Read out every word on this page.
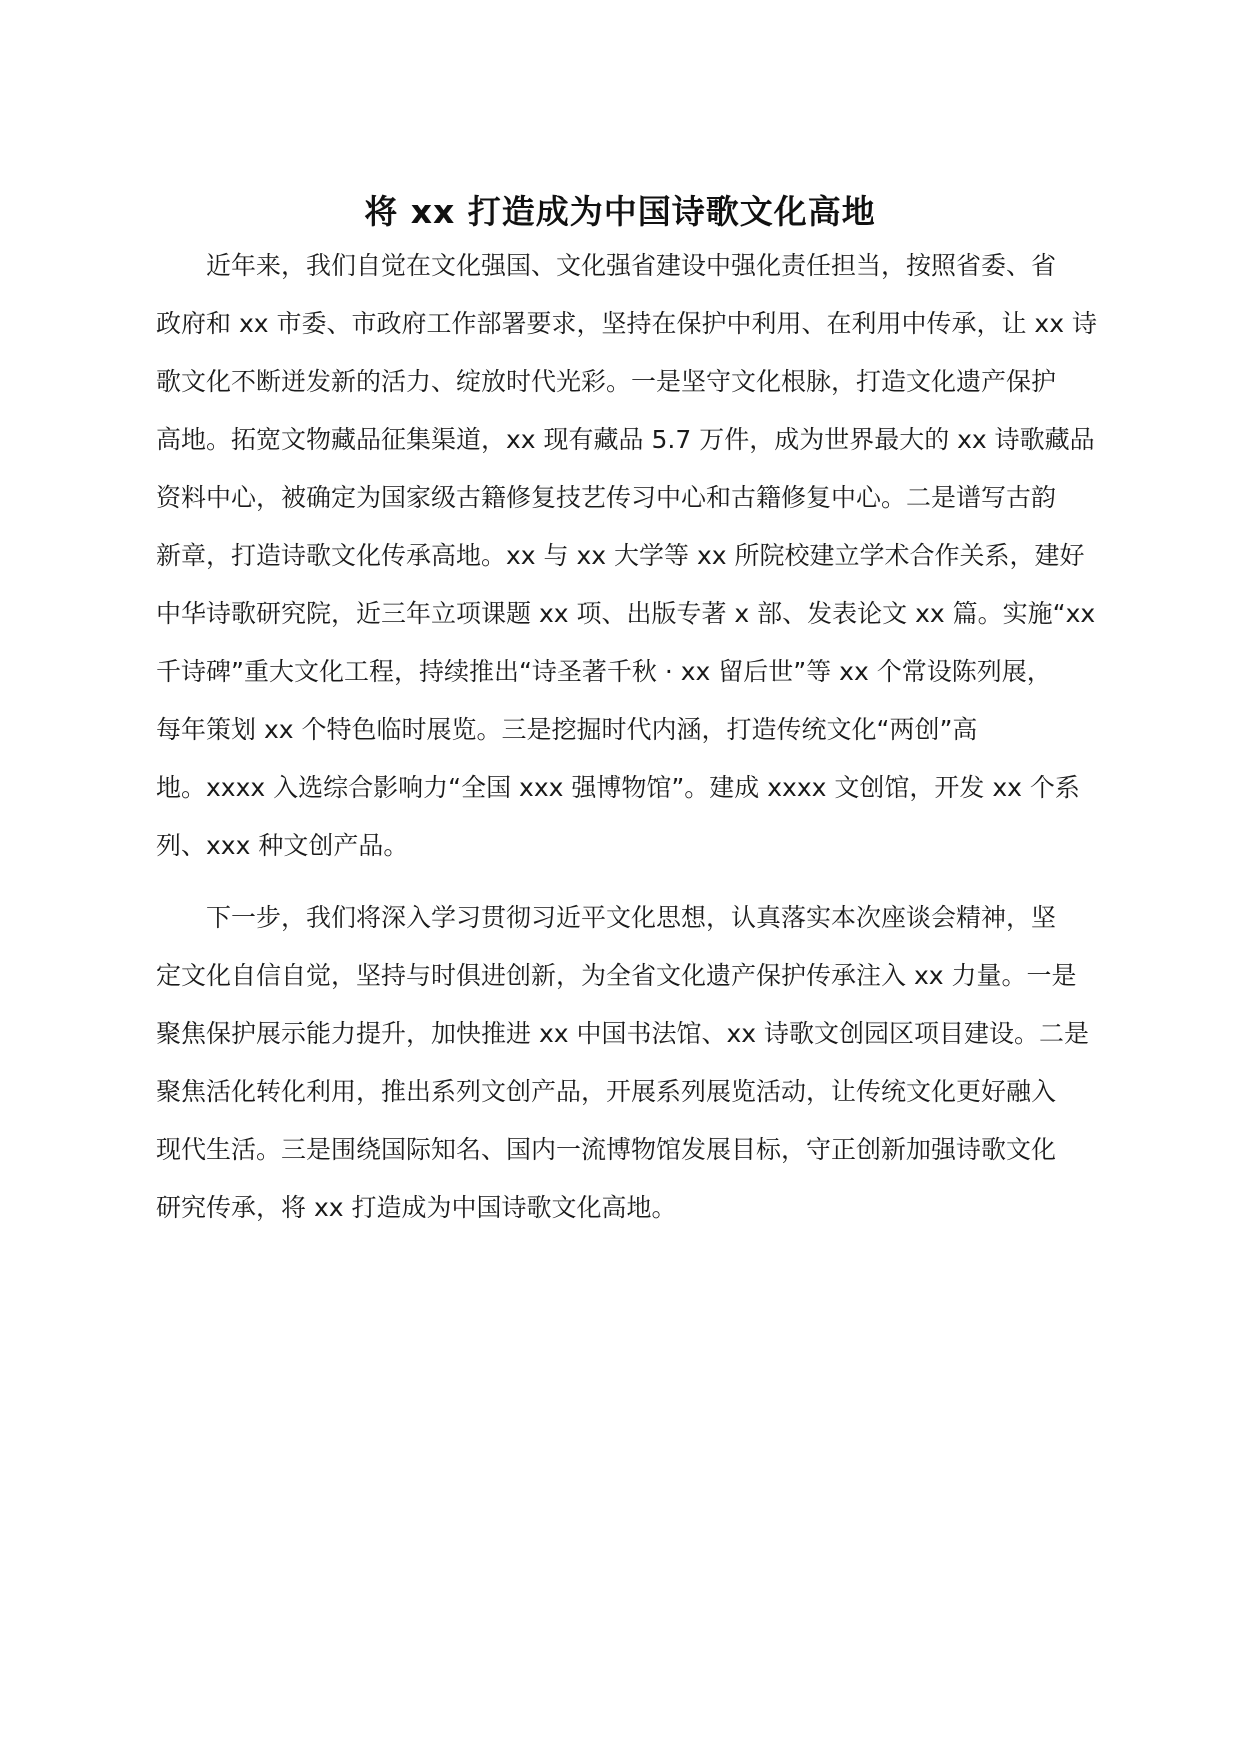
将 xx 打造成为中国诗歌文化高地
近年来，我们自觉在文化强国、文化强省建设中强化责任担当，按照省委、省
政府和 xx 市委、市政府工作部署要求，坚持在保护中利用、在利用中传承，让 xx 诗
歌文化不断迸发新的活力、绽放时代光彩。一是坚守文化根脉，打造文化遗产保护
高地。拓宽文物藏品征集渠道，xx 现有藏品 5.7 万件，成为世界最大的 xx 诗歌藏品
资料中心，被确定为国家级古籍修复技艺传习中心和古籍修复中心。二是谱写古韵
新章，打造诗歌文化传承高地。xx 与 xx 大学等 xx 所院校建立学术合作关系，建好
中华诗歌研究院，近三年立项课题 xx 项、出版专著 x 部、发表论文 xx 篇。实施“xx
千诗碑”重大文化工程，持续推出“诗圣著千秋 · xx 留后世”等 xx 个常设陈列展，
每年策划 xx 个特色临时展览。三是挖掘时代内涵，打造传统文化“两创”高
地。xxxx 入选综合影响力“全国 xxx 强博物馆”。建成 xxxx 文创馆，开发 xx 个系
列、xxx 种文创产品。
下一步，我们将深入学习贯彻习近平文化思想，认真落实本次座谈会精神，坚
定文化自信自觉，坚持与时俱进创新，为全省文化遗产保护传承注入 xx 力量。一是
聚焦保护展示能力提升，加快推进 xx 中国书法馆、xx 诗歌文创园区项目建设。二是
聚焦活化转化利用，推出系列文创产品，开展系列展览活动，让传统文化更好融入
现代生活。三是围绕国际知名、国内一流博物馆发展目标，守正创新加强诗歌文化
研究传承，将 xx 打造成为中国诗歌文化高地。
